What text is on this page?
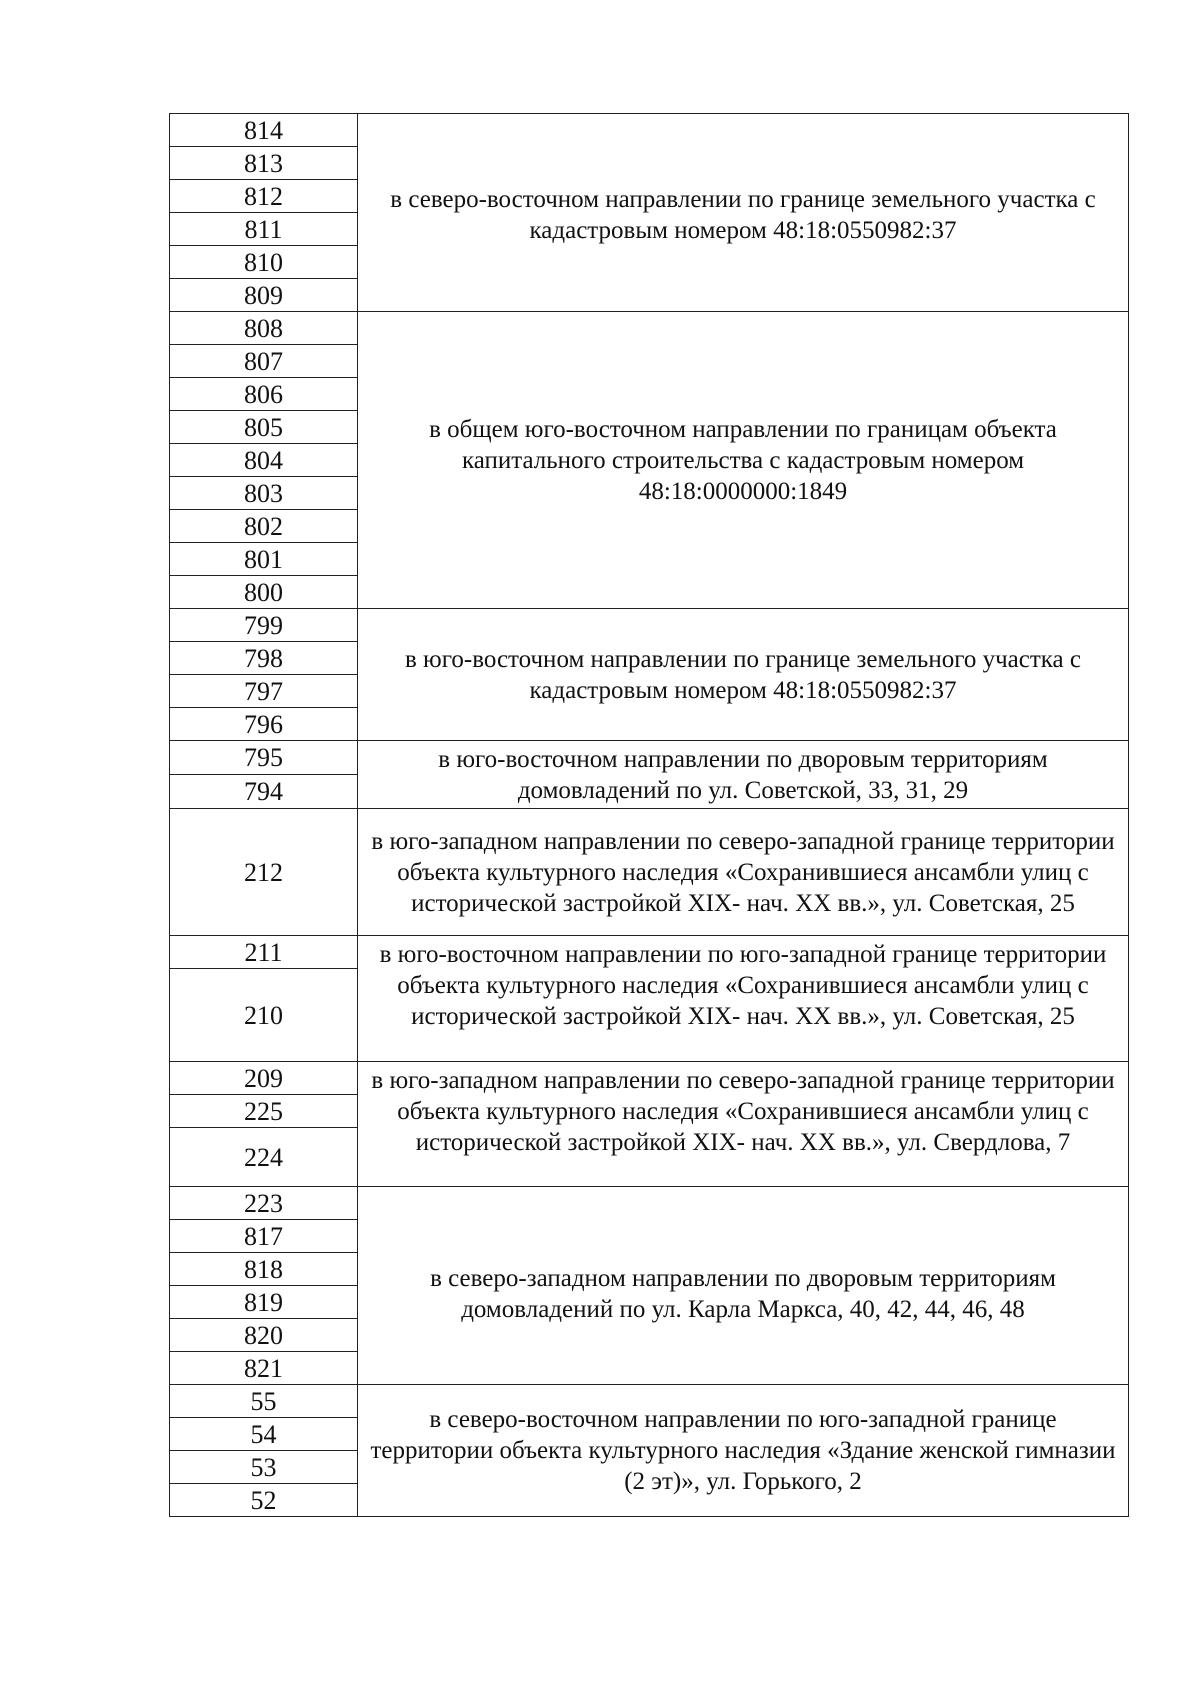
814	в северо-восточном направлении по границе земельного участка с кадастровым номером 48:18:0550982:37
813	
812	
811	
810	
809	
808	в общем юго-восточном направлении по границам объекта капитального строительства с кадастровым номером 48:18:0000000:1849
807	
806	
805	
804	
803	
802	
801	
800	
799	в юго-восточном направлении по границе земельного участка с кадастровым номером 48:18:0550982:37
798	
797	
796	
795	в юго-восточном направлении по дворовым территориям домовладений по ул. Советской, 33, 31, 29
794	
212	в юго-западном направлении по северо-западной границе территории объекта культурного наследия «Сохранившиеся ансамбли улиц с исторической застройкой XIX- нач. XX вв.», ул. Советская, 25
211	в юго-восточном направлении по юго-западной границе территории объекта культурного наследия «Сохранившиеся ансамбли улиц с исторической застройкой XIX- нач. XX вв.», ул. Советская, 25
210	
209	в юго-западном направлении по северо-западной границе территории объекта культурного наследия «Сохранившиеся ансамбли улиц с исторической застройкой XIX- нач. XX вв.», ул. Свердлова, 7
225	
224	
223	в северо-западном направлении по дворовым территориям домовладений по ул. Карла Маркса, 40, 42, 44, 46, 48
817	
818	
819	
820	
821	
55	в северо-восточном направлении по юго-западной границе территории объекта культурного наследия «Здание женской гимназии (2 эт)», ул. Горького, 2
54	
53	
52	
